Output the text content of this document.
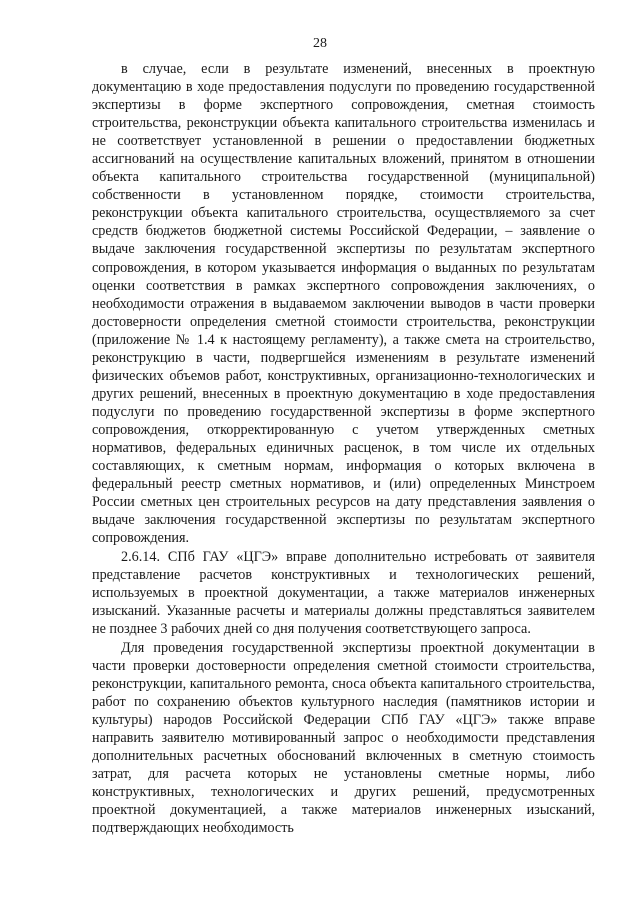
28

в случае, если в результате изменений, внесенных в проектную документацию в ходе предоставления подуслуги по проведению государственной экспертизы в форме экспертного сопровождения, сметная стоимость строительства, реконструкции объекта капитального строительства изменилась и не соответствует установленной в решении о предоставлении бюджетных ассигнований на осуществление капитальных вложений, принятом в отношении объекта капитального строительства государственной (муниципальной) собственности в установленном порядке, стоимости строительства, реконструкции объекта капитального строительства, осуществляемого за счет средств бюджетов бюджетной системы Российской Федерации, – заявление о выдаче заключения государственной экспертизы по результатам экспертного сопровождения, в котором указывается информация о выданных по результатам оценки соответствия в рамках экспертного сопровождения заключениях, о необходимости отражения в выдаваемом заключении выводов в части проверки достоверности определения сметной стоимости строительства, реконструкции (приложение № 1.4 к настоящему регламенту), а также смета на строительство, реконструкцию в части, подвергшейся изменениям в результате изменений физических объемов работ, конструктивных, организационно-технологических и других решений, внесенных в проектную документацию в ходе предоставления подуслуги по проведению государственной экспертизы в форме экспертного сопровождения, откорректированную с учетом утвержденных сметных нормативов, федеральных единичных расценок, в том числе их отдельных составляющих, к сметным нормам, информация о которых включена в федеральный реестр сметных нормативов, и (или) определенных Минстроем России сметных цен строительных ресурсов на дату представления заявления о выдаче заключения государственной экспертизы по результатам экспертного сопровождения.

2.6.14. СПб ГАУ «ЦГЭ» вправе дополнительно истребовать от заявителя представление расчетов конструктивных и технологических решений, используемых в проектной документации, а также материалов инженерных изысканий. Указанные расчеты и материалы должны представляться заявителем не позднее 3 рабочих дней со дня получения соответствующего запроса.

Для проведения государственной экспертизы проектной документации в части проверки достоверности определения сметной стоимости строительства, реконструкции, капитального ремонта, сноса объекта капитального строительства, работ по сохранению объектов культурного наследия (памятников истории и культуры) народов Российской Федерации СПб ГАУ «ЦГЭ» также вправе направить заявителю мотивированный запрос о необходимости представления дополнительных расчетных обоснований включенных в сметную стоимость затрат, для расчета которых не установлены сметные нормы, либо конструктивных, технологических и других решений, предусмотренных проектной документацией, а также материалов инженерных изысканий, подтверждающих необходимость
